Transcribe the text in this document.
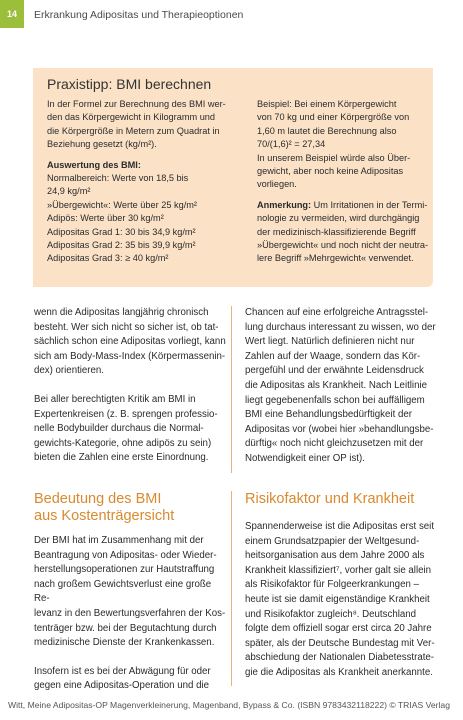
14	Erkrankung Adipositas und Therapieoptionen
Praxistipp: BMI berechnen

In der Formel zur Berechnung des BMI wer-

den das Körpergewicht in Kilogramm und

die Körpergröße in Metern zum Quadrat in

Beziehung gesetzt (kg/m²).

Auswertung des BMI:

Normalbereich: Werte von 18,5 bis

24,9 kg/m²

»Übergewicht«: Werte über 25 kg/m²

Adipös: Werte über 30 kg/m²

Adipositas Grad 1: 30 bis 34,9 kg/m²

Adipositas Grad 2: 35 bis 39,9 kg/m²

Adipositas Grad 3: ≥ 40 kg/m²

Beispiel: Bei einem Körpergewicht

von 70 kg und einer Körpergröße von

1,60 m lautet die Berechnung also

70/(1,6)² = 27,34

In unserem Beispiel würde also Über-

gewicht, aber noch keine Adipositas

vorliegen.

Anmerkung: Um Irritationen in der Termi-

nologie zu vermeiden, wird durchgängig

der medizinisch-klassifizierende Begriff

»Übergewicht« und noch nicht der neutra-

lere Begriff »Mehrgewicht« verwendet.

wenn die Adipositas langjährig chronisch
besteht. Wer sich nicht so sicher ist, ob tat-
sächlich schon eine Adipositas vorliegt, kann
sich am Body-Mass-Index (Körpermassenin-
dex) orientieren.

Bei aller berechtigten Kritik am BMI in
Expertenkreisen (z. B. sprengen professio-
nelle Bodybuilder durchaus die Normal-
gewichts-Kategorie, ohne adipös zu sein)
bieten die Zahlen eine erste Einordnung.

Bedeutung des BMI
aus Kostenträgersicht

Der BMI hat im Zusammenhang mit der
Beantragung von Adipositas- oder Wieder-
herstellungsoperationen zur Hautstraffung
nach großem Gewichtsverlust eine große Re-
levanz in den Bewertungsverfahren der Kos-
tenträger bzw. bei der Begutachtung durch
medizinische Dienste der Krankenkassen.

Insofern ist es bei der Abwägung für oder
gegen eine Adipositas-Operation und die

Chancen auf eine erfolgreiche Antragsstel-
lung durchaus interessant zu wissen, wo der
Wert liegt. Natürlich definieren nicht nur
Zahlen auf der Waage, sondern das Kör-
pergefühl und der erwähnte Leidensdruck
die Adipositas als Krankheit. Nach Leitlinie
liegt gegebenenfalls schon bei auffälligem
BMI eine Behandlungsbedürftigkeit der
Adipositas vor (wobei hier »behandlungsbe-
dürftig« noch nicht gleichzusetzen mit der
Notwendigkeit einer OP ist).

Risikofaktor und Krankheit

Spannenderweise ist die Adipositas erst seit
einem Grundsatzpapier der Weltgesund-
heitsorganisation aus dem Jahre 2000 als
Krankheit klassifiziert⁷, vorher galt sie allein
als Risikofaktor für Folgeerkrankungen –
heute ist sie damit eigenständige Krankheit
und Risikofaktor zugleich⁸. Deutschland
folgte dem offiziell sogar erst circa 20 Jahre
später, als der Deutsche Bundestag mit Ver-
abschiedung der Nationalen Diabetesstrate-
gie die Adipositas als Krankheit anerkannte.

Witt, Meine Adipositas-OP Magenverkleinerung, Magenband, Bypass & Co. (ISBN 9783432118222) © TRIAS Verlag
